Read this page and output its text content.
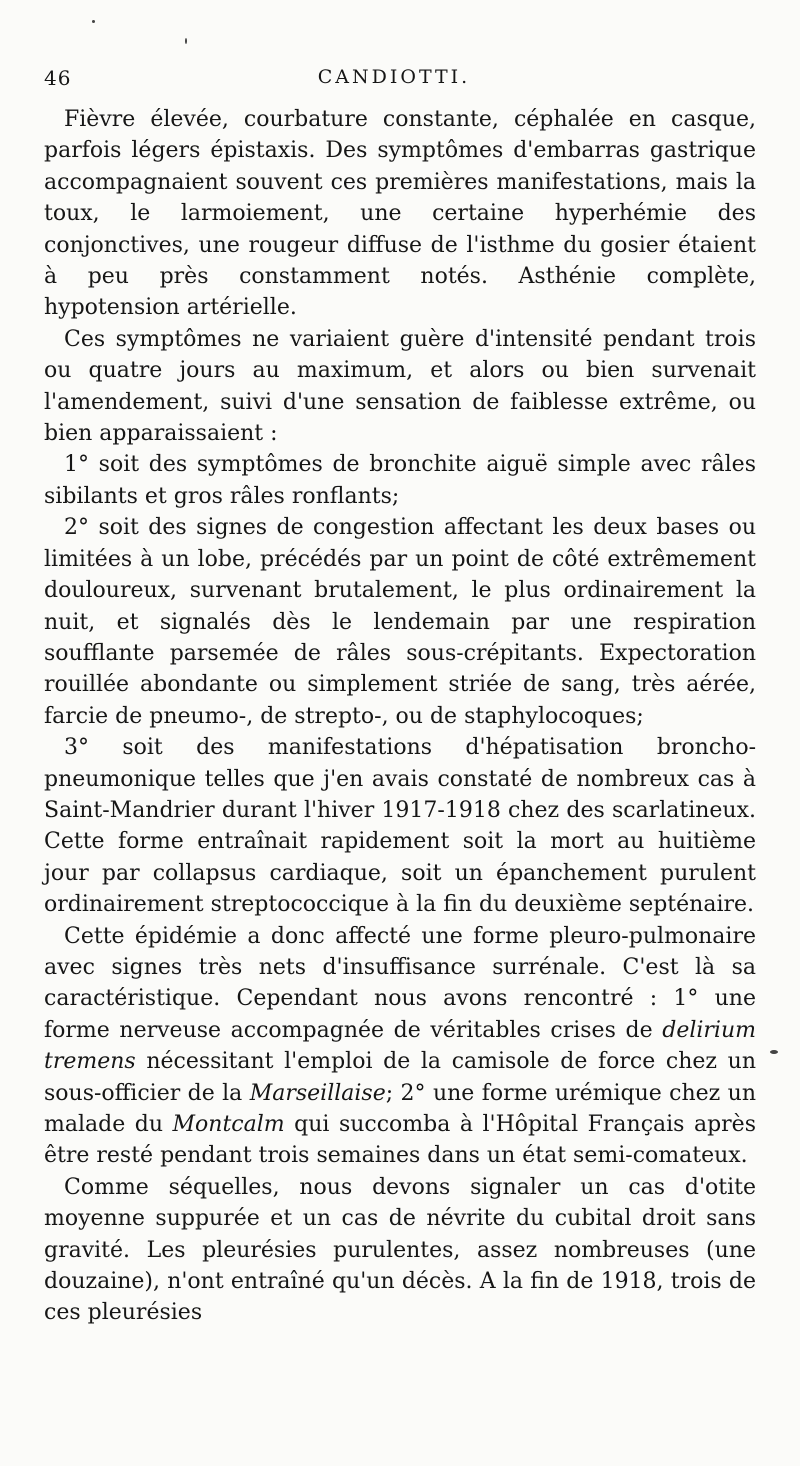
46	CANDIOTTI.

Fièvre élevée, courbature constante, céphalée en casque, parfois légers épistaxis. Des symptômes d'embarras gastrique accompagnaient souvent ces premières manifestations, mais la toux, le larmoiement, une certaine hyperhémie des conjonctives, une rougeur diffuse de l'isthme du gosier étaient à peu près constamment notés. Asthénie complète, hypotension artérielle.

Ces symptômes ne variaient guère d'intensité pendant trois ou quatre jours au maximum, et alors ou bien survenait l'amendement, suivi d'une sensation de faiblesse extrême, ou bien apparaissaient :

1° soit des symptômes de bronchite aiguë simple avec râles sibilants et gros râles ronflants;

2° soit des signes de congestion affectant les deux bases ou limitées à un lobe, précédés par un point de côté extrêmement douloureux, survenant brutalement, le plus ordinairement la nuit, et signalés dès le lendemain par une respiration soufflante parsemée de râles sous-crépitants. Expectoration rouillée abondante ou simplement striée de sang, très aérée, farcie de pneumo-, de strepto-, ou de staphylocoques;

3° soit des manifestations d'hépatisation broncho-pneumonique telles que j'en avais constaté de nombreux cas à Saint-Mandrier durant l'hiver 1917-1918 chez des scarlatineux. Cette forme entraînait rapidement soit la mort au huitième jour par collapsus cardiaque, soit un épanchement purulent ordinairement streptococcique à la fin du deuxième septénaire.

Cette épidémie a donc affecté une forme pleuro-pulmonaire avec signes très nets d'insuffisance surrénale. C'est là sa caractéristique. Cependant nous avons rencontré : 1° une forme nerveuse accompagnée de véritables crises de delirium tremens nécessitant l'emploi de la camisole de force chez un sous-officier de la Marseillaise; 2° une forme urémique chez un malade du Montcalm qui succomba à l'Hôpital Français après être resté pendant trois semaines dans un état semi-comateux.

Comme séquelles, nous devons signaler un cas d'otite moyenne suppurée et un cas de névrite du cubital droit sans gravité. Les pleurésies purulentes, assez nombreuses (une douzaine), n'ont entraîné qu'un décès. A la fin de 1918, trois de ces pleurésies
